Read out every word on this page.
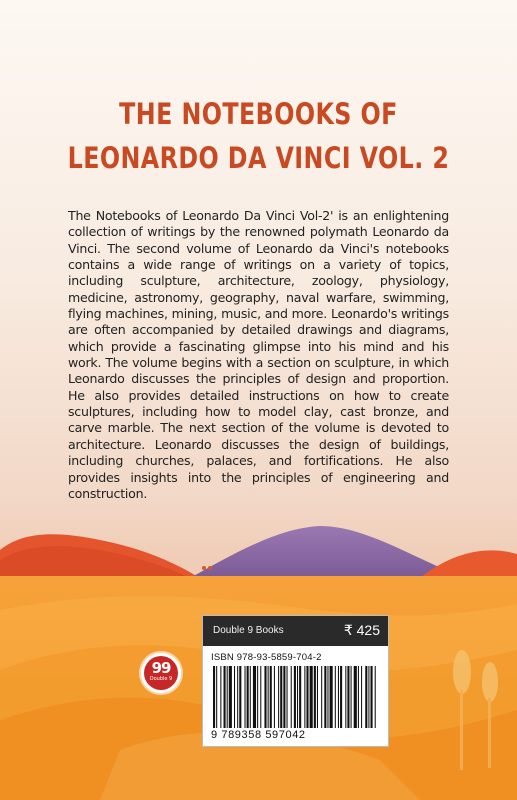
THE NOTEBOOKS OF
LEONARDO DA VINCI VOL. 2
The Notebooks of Leonardo Da Vinci Vol-2' is an enlightening collection of writings by the renowned polymath Leonardo da Vinci. The second volume of Leonardo da Vinci's notebooks contains a wide range of writings on a variety of topics, including sculpture, architecture, zoology, physiology, medicine, astronomy, geography, naval warfare, swimming, flying machines, mining, music, and more. Leonardo's writings are often accompanied by detailed drawings and diagrams, which provide a fascinating glimpse into his mind and his work. The volume begins with a section on sculpture, in which Leonardo discusses the principles of design and proportion. He also provides detailed instructions on how to create sculptures, including how to model clay, cast bronze, and carve marble. The next section of the volume is devoted to architecture. Leonardo discusses the design of buildings, including churches, palaces, and fortifications. He also provides insights into the principles of engineering and construction.
99
Double 9
Double 9 Books	₹ 425
ISBN 978-93-5859-704-2
9 789358 597042
